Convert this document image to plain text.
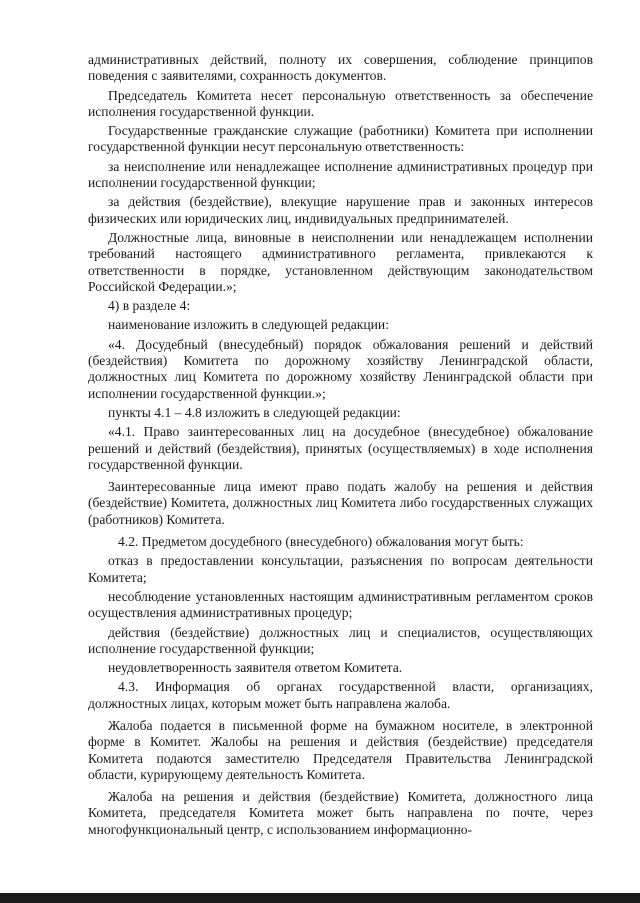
административных действий, полноту их совершения, соблюдение принципов поведения с заявителями, сохранность документов.

Председатель Комитета несет персональную ответственность за обеспечение исполнения государственной функции.

Государственные гражданские служащие (работники) Комитета при исполнении государственной функции несут персональную ответственность:

за неисполнение или ненадлежащее исполнение административных процедур при исполнении государственной функции;

за действия (бездействие), влекущие нарушение прав и законных интересов физических или юридических лиц, индивидуальных предпринимателей.

Должностные лица, виновные в неисполнении или ненадлежащем исполнении требований настоящего административного регламента, привлекаются к ответственности в порядке, установленном действующим законодательством Российской Федерации.»;

4) в разделе 4:

наименование изложить в следующей редакции:

«4. Досудебный (внесудебный) порядок обжалования решений и действий (бездействия) Комитета по дорожному хозяйству Ленинградской области, должностных лиц Комитета по дорожному хозяйству Ленинградской области при исполнении государственной функции.»;

пункты 4.1 – 4.8 изложить в следующей редакции:

«4.1. Право заинтересованных лиц на досудебное (внесудебное) обжалование решений и действий (бездействия), принятых (осуществляемых) в ходе исполнения государственной функции.

Заинтересованные лица имеют право подать жалобу на решения и действия (бездействие) Комитета, должностных лиц Комитета либо государственных служащих (работников) Комитета.

4.2. Предметом досудебного (внесудебного) обжалования могут быть:

отказ в предоставлении консультации, разъяснения по вопросам деятельности Комитета;

несоблюдение установленных настоящим административным регламентом сроков осуществления административных процедур;

действия (бездействие) должностных лиц и специалистов, осуществляющих исполнение государственной функции;

неудовлетворенность заявителя ответом Комитета.

4.3. Информация об органах государственной власти, организациях, должностных лицах, которым может быть направлена жалоба.

Жалоба подается в письменной форме на бумажном носителе, в электронной форме в Комитет. Жалобы на решения и действия (бездействие) председателя Комитета подаются заместителю Председателя Правительства Ленинградской области, курирующему деятельность Комитета.

Жалоба на решения и действия (бездействие) Комитета, должностного лица Комитета, председателя Комитета может быть направлена по почте, через многофункциональный центр, с использованием информационно-
